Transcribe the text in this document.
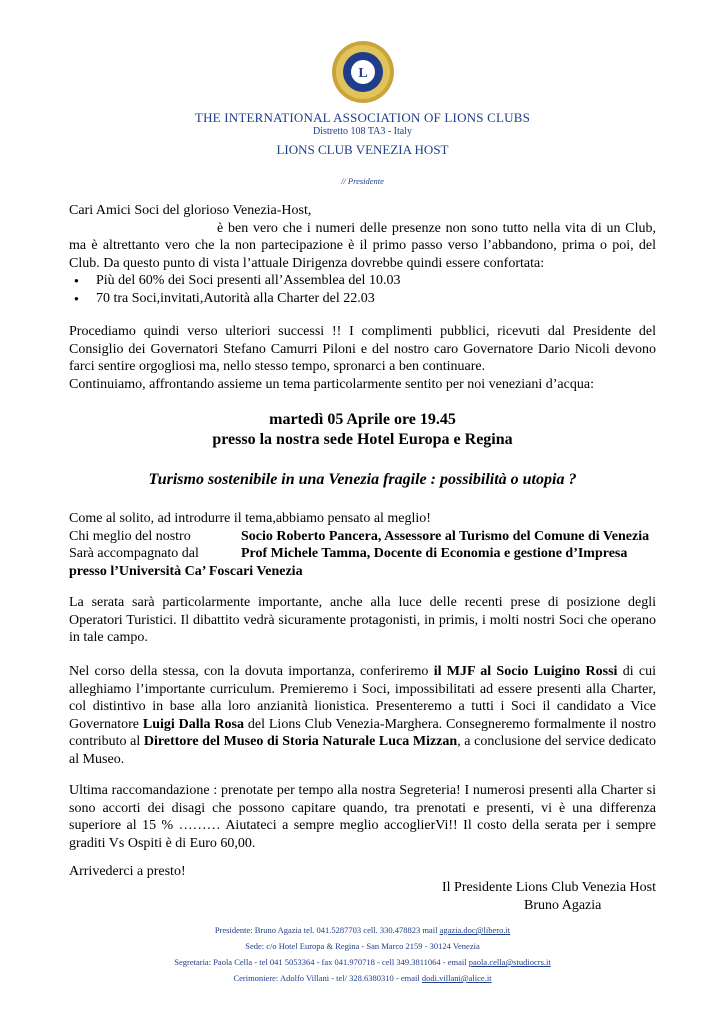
L
THE INTERNATIONAL ASSOCIATION OF LIONS CLUBS
Distretto 108 TA3 - Italy
LIONS CLUB VENEZIA HOST
// Presidente

Cari Amici Soci del glorioso Venezia-Host,

è ben vero che i numeri delle presenze non sono tutto nella vita di un Club, ma è altrettanto vero che la non partecipazione è il primo passo verso l’abbandono, prima o poi, del Club. Da questo punto di vista l’attuale Dirigenza dovrebbe quindi essere confortata:

● Più del 60% dei Soci presenti all’Assemblea del 10.03
● 70 tra Soci,invitati,Autorità alla Charter del 22.03

Procediamo quindi verso ulteriori successi !! I complimenti pubblici, ricevuti dal Presidente del Consiglio dei Governatori Stefano Camurri Piloni e del nostro caro Governatore Dario Nicoli devono farci sentire orgogliosi ma, nello stesso tempo, spronarci a ben continuare.

Continuiamo, affrontando assieme un tema particolarmente sentito per noi veneziani d’acqua:

martedì 05 Aprile ore 19.45
presso la nostra sede Hotel Europa e Regina
Turismo sostenibile in una Venezia fragile : possibilità o utopia ?

Come al solito, ad introdurre il tema,abbiamo pensato al meglio!

Chi meglio del nostro	Socio Roberto Pancera, Assessore al Turismo del Comune di Venezia

Sarà accompagnato dal	Prof Michele Tamma, Docente di Economia e gestione d’Impresa

presso l’Università Ca’ Foscari Venezia

La serata sarà particolarmente importante, anche alla luce delle recenti prese di posizione degli Operatori Turistici. Il dibattito vedrà sicuramente protagonisti, in primis, i molti nostri Soci che operano in tale campo.

Nel corso della stessa, con la dovuta importanza, conferiremo il MJF al Socio Luigino Rossi di cui alleghiamo l’importante curriculum. Premieremo i Soci, impossibilitati ad essere presenti alla Charter, col distintivo in base alla loro anzianità lionistica. Presenteremo a tutti i Soci il candidato a Vice Governatore Luigi Dalla Rosa del Lions Club Venezia-Marghera. Consegneremo formalmente il nostro contributo al Direttore del Museo di Storia Naturale Luca Mizzan, a conclusione del service dedicato al Museo.

Ultima raccomandazione : prenotate per tempo alla nostra Segreteria! I numerosi presenti alla Charter si sono accorti dei disagi che possono capitare quando, tra prenotati e presenti, vi è una differenza superiore al 15 % ……… Aiutateci a sempre meglio accoglierVi!! Il costo della serata per i sempre graditi Vs Ospiti è di Euro 60,00.

Arrivederci a presto!

Il Presidente Lions Club Venezia Host
Bruno Agazia
Presidente: Bruno Agazia tel. 041.5287703 cell. 330.478823 mail agazia.doc@libero.it
Sede: c/o Hotel Europa & Regina - San Marco 2159 - 30124 Venezia
Segretaria: Paola Cella - tel 041 5053364 - fax 041.970718 - cell 349.3811064 - email paola.cella@studiocrs.it
Cerimoniere: Adolfo Villani - tel/ 328.6380310 - email dodi.villani@alice.it
